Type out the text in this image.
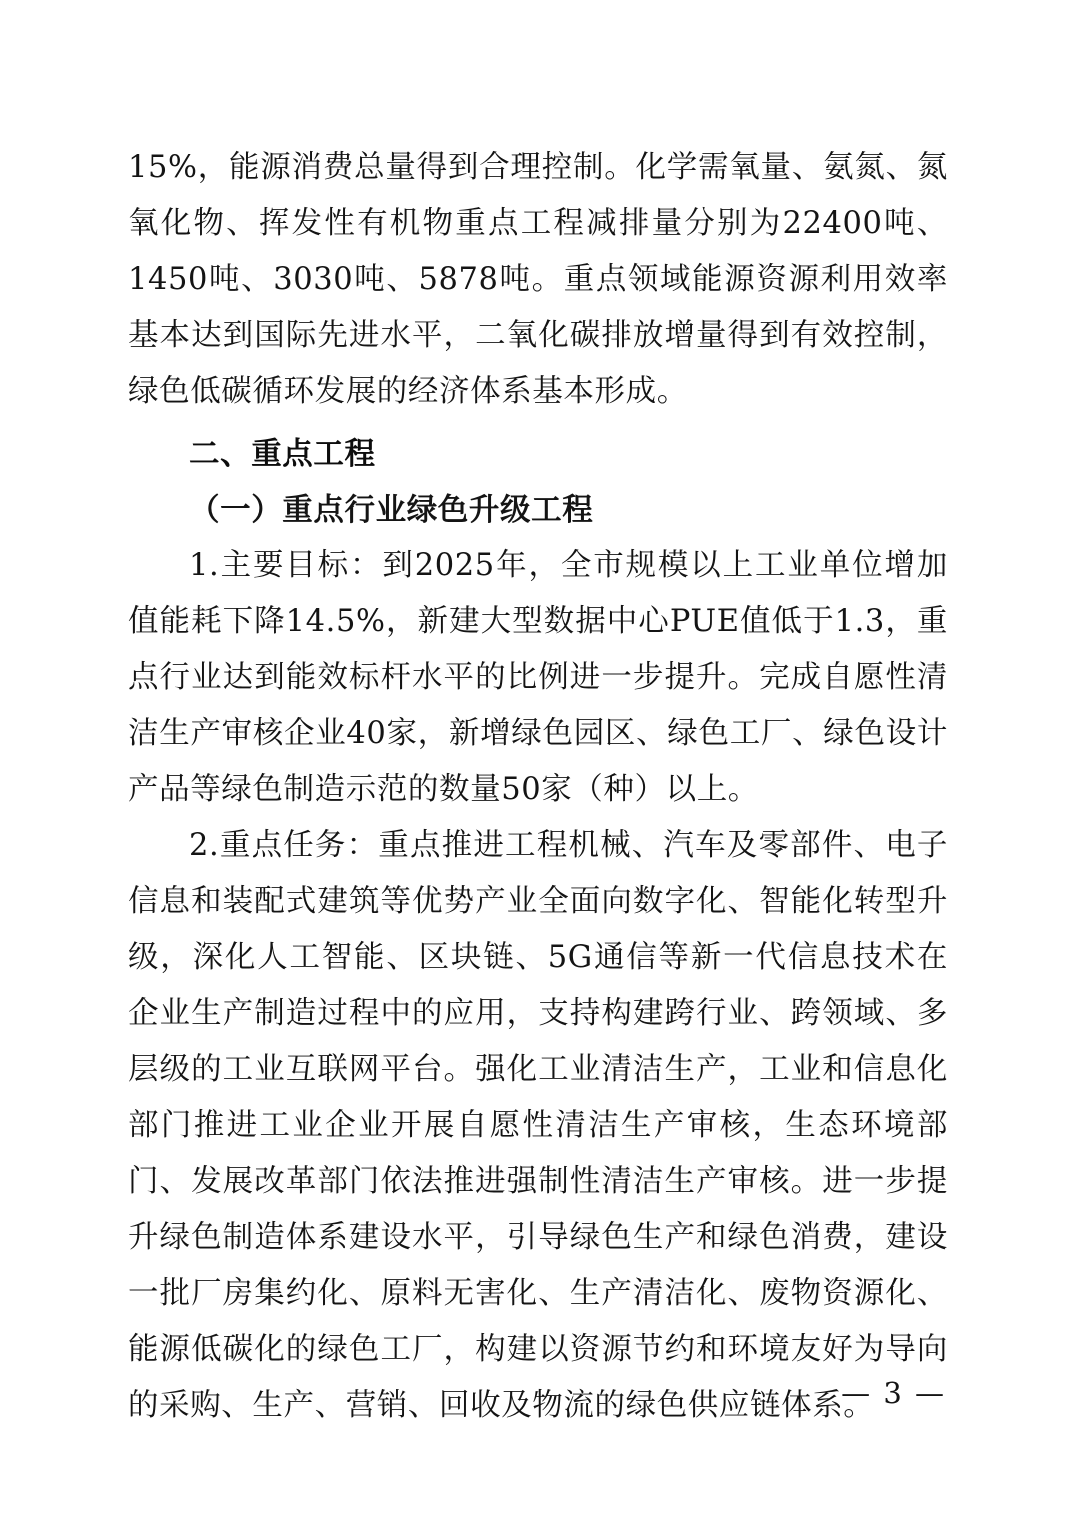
15%，能源消费总量得到合理控制。化学需氧量、氨氮、氮氧化物、挥发性有机物重点工程减排量分别为22400吨、1450吨、3030吨、5878吨。重点领域能源资源利用效率基本达到国际先进水平，二氧化碳排放增量得到有效控制，绿色低碳循环发展的经济体系基本形成。

二、重点工程
（一）重点行业绿色升级工程

1.主要目标：到2025年，全市规模以上工业单位增加值能耗下降14.5%，新建大型数据中心PUE值低于1.3，重点行业达到能效标杆水平的比例进一步提升。完成自愿性清洁生产审核企业40家，新增绿色园区、绿色工厂、绿色设计产品等绿色制造示范的数量50家（种）以上。

2.重点任务：重点推进工程机械、汽车及零部件、电子信息和装配式建筑等优势产业全面向数字化、智能化转型升级，深化人工智能、区块链、5G通信等新一代信息技术在企业生产制造过程中的应用，支持构建跨行业、跨领域、多层级的工业互联网平台。强化工业清洁生产，工业和信息化部门推进工业企业开展自愿性清洁生产审核，生态环境部门、发展改革部门依法推进强制性清洁生产审核。进一步提升绿色制造体系建设水平，引导绿色生产和绿色消费，建设一批厂房集约化、原料无害化、生产清洁化、废物资源化、能源低碳化的绿色工厂，构建以资源节约和环境友好为导向的采购、生产、营销、回收及物流的绿色供应链体系。

— 3 —
